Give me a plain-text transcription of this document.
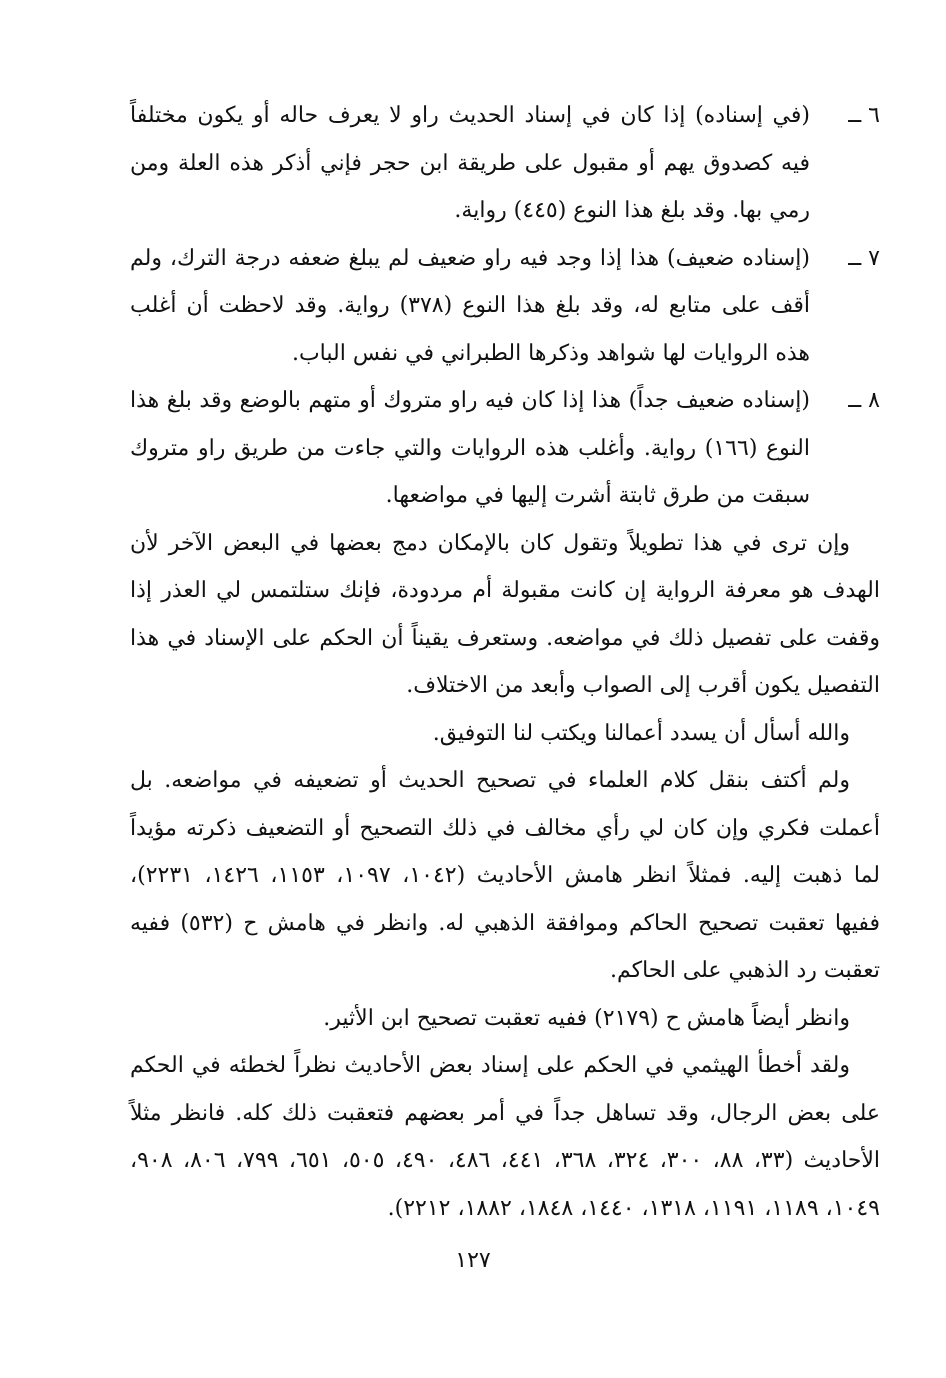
٦ ــ

(في إسناده) إذا كان في إسناد الحديث راو لا يعرف حاله أو يكون مختلفاً فيه كصدوق يهم أو مقبول على طريقة ابن حجر فإني أذكر هذه العلة ومن رمي بها. وقد بلغ هذا النوع (٤٤٥) رواية.

٧ ــ

(إسناده ضعيف) هذا إذا وجد فيه راو ضعيف لم يبلغ ضعفه درجة الترك، ولم أقف على متابع له، وقد بلغ هذا النوع (٣٧٨) رواية. وقد لاحظت أن أغلب هذه الروايات لها شواهد وذكرها الطبراني في نفس الباب.

٨ ــ

(إسناده ضعيف جداً) هذا إذا كان فيه راو متروك أو متهم بالوضع وقد بلغ هذا النوع (١٦٦) رواية. وأغلب هذه الروايات والتي جاءت من طريق راو متروك سبقت من طرق ثابتة أشرت إليها في مواضعها.

وإن ترى في هذا تطويلاً وتقول كان بالإمكان دمج بعضها في البعض الآخر لأن الهدف هو معرفة الرواية إن كانت مقبولة أم مردودة، فإنك ستلتمس لي العذر إذا وقفت على تفصيل ذلك في مواضعه. وستعرف يقيناً أن الحكم على الإسناد في هذا التفصيل يكون أقرب إلى الصواب وأبعد من الاختلاف.

والله أسأل أن يسدد أعمالنا ويكتب لنا التوفيق.

ولم أكتف بنقل كلام العلماء في تصحيح الحديث أو تضعيفه في مواضعه. بل أعملت فكري وإن كان لي رأي مخالف في ذلك التصحيح أو التضعيف ذكرته مؤيداً لما ذهبت إليه. فمثلاً انظر هامش الأحاديث (١٠٤٢، ١٠٩٧، ١١٥٣، ١٤٢٦، ٢٢٣١)، ففيها تعقبت تصحيح الحاكم وموافقة الذهبي له. وانظر في هامش ح (٥٣٢) ففيه تعقبت رد الذهبي على الحاكم.

وانظر أيضاً هامش ح (٢١٧٩) ففيه تعقبت تصحيح ابن الأثير.

ولقد أخطأ الهيثمي في الحكم على إسناد بعض الأحاديث نظراً لخطئه في الحكم على بعض الرجال، وقد تساهل جداً في أمر بعضهم فتعقبت ذلك كله. فانظر مثلاً الأحاديث (٣٣، ٨٨، ٣٠٠، ٣٢٤، ٣٦٨، ٤٤١، ٤٨٦، ٤٩٠، ٥٠٥، ٦٥١، ٧٩٩، ٨٠٦، ٩٠٨، ١٠٤٩، ١١٨٩، ١١٩١، ١٣١٨، ١٤٤٠، ١٨٤٨، ١٨٨٢، ٢٢١٢).

١٢٧
